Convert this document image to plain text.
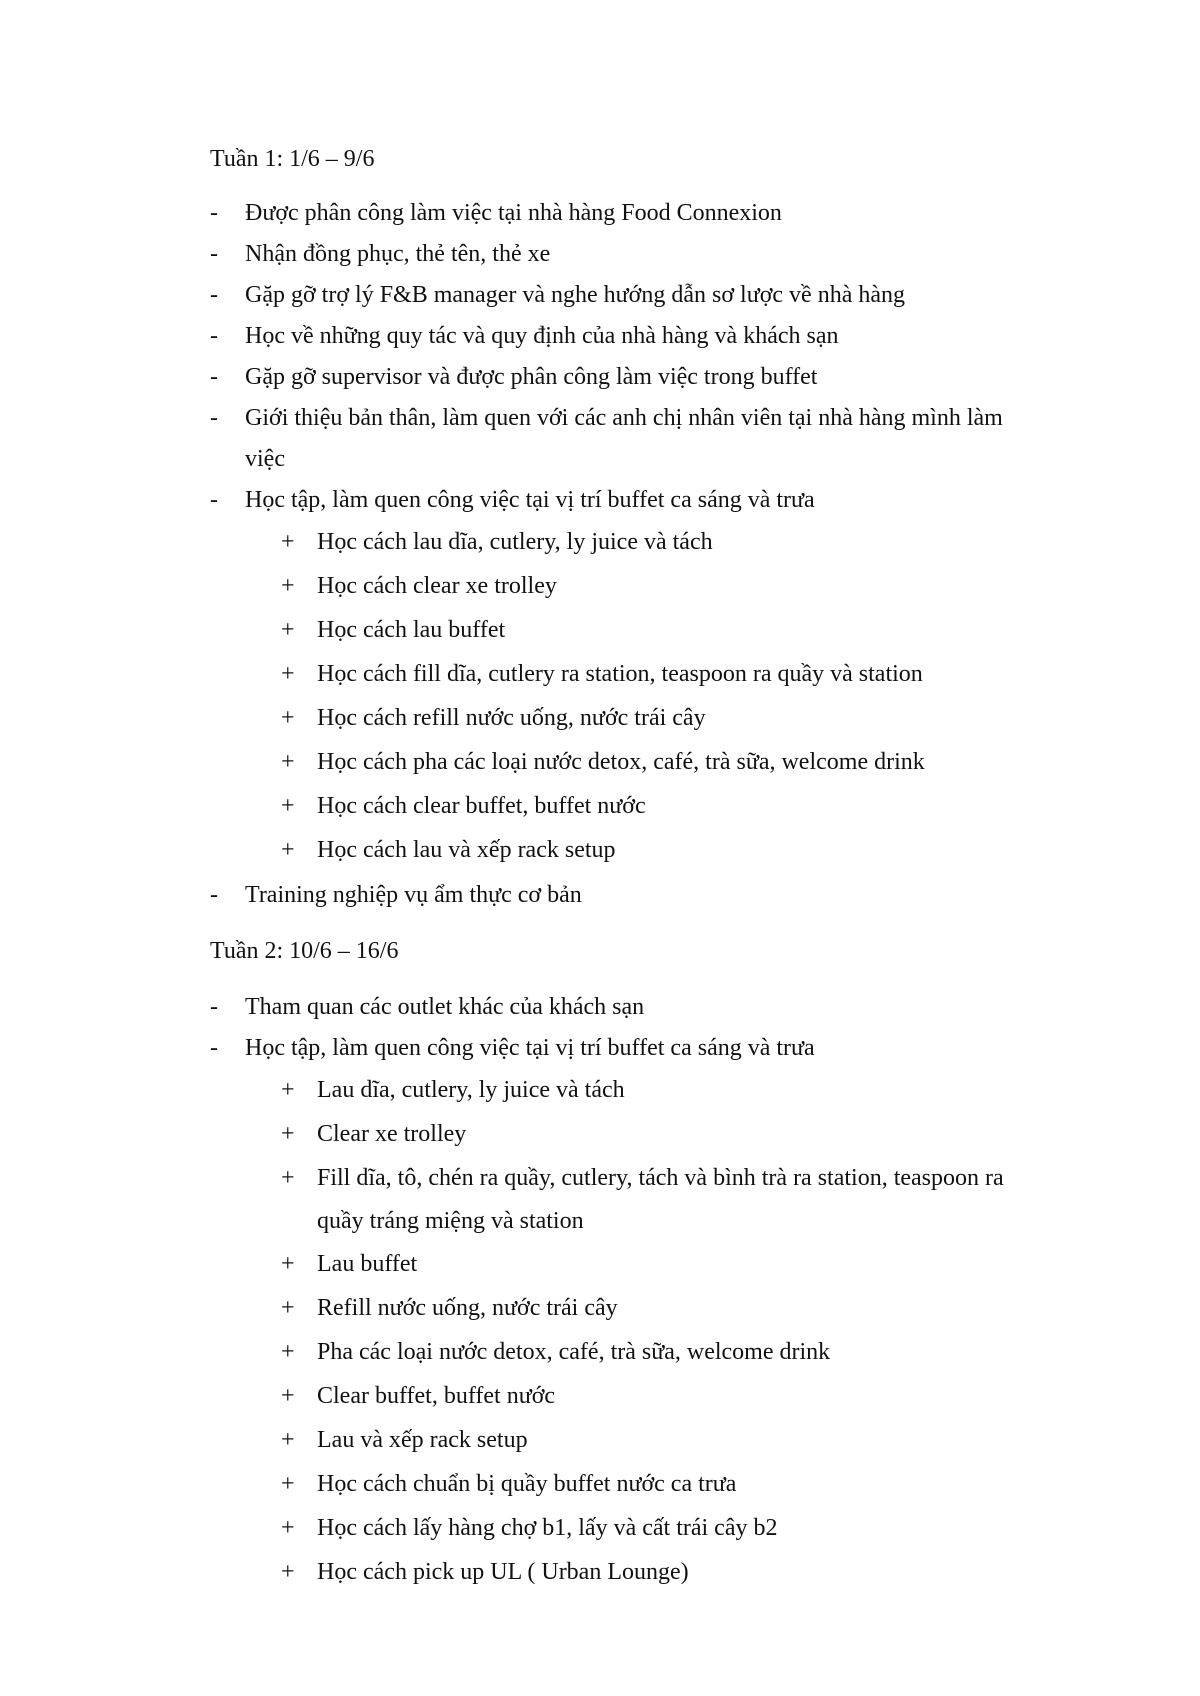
Tuần 1: 1/6 – 9/6
- Được phân công làm việc tại nhà hàng Food Connexion
- Nhận đồng phục, thẻ tên, thẻ xe
- Gặp gỡ trợ lý F&B manager và nghe hướng dẫn sơ lược về nhà hàng
- Học về những quy tác và quy định của nhà hàng và khách sạn
- Gặp gỡ supervisor và được phân công làm việc trong buffet
- Giới thiệu bản thân, làm quen với các anh chị nhân viên tại nhà hàng mình làm
việc
- Học tập, làm quen công việc tại vị trí buffet ca sáng và trưa
+ Học cách lau dĩa, cutlery, ly juice và tách
+ Học cách clear xe trolley
+ Học cách lau buffet
+ Học cách fill dĩa, cutlery ra station, teaspoon ra quầy và station
+ Học cách refill nước uống, nước trái cây
+ Học cách pha các loại nước detox, café, trà sữa, welcome drink
+ Học cách clear buffet, buffet nước
+ Học cách lau và xếp rack setup
- Training nghiệp vụ ẩm thực cơ bản
Tuần 2: 10/6 – 16/6
- Tham quan các outlet khác của khách sạn
- Học tập, làm quen công việc tại vị trí buffet ca sáng và trưa
+ Lau dĩa, cutlery, ly juice và tách
+ Clear xe trolley
+ Fill dĩa, tô, chén ra quầy, cutlery, tách và bình trà ra station, teaspoon ra
quầy tráng miệng và station
+ Lau buffet
+ Refill nước uống, nước trái cây
+ Pha các loại nước detox, café, trà sữa, welcome drink
+ Clear buffet, buffet nước
+ Lau và xếp rack setup
+ Học cách chuẩn bị quầy buffet nước ca trưa
+ Học cách lấy hàng chợ b1, lấy và cất trái cây b2
+ Học cách pick up UL ( Urban Lounge)
